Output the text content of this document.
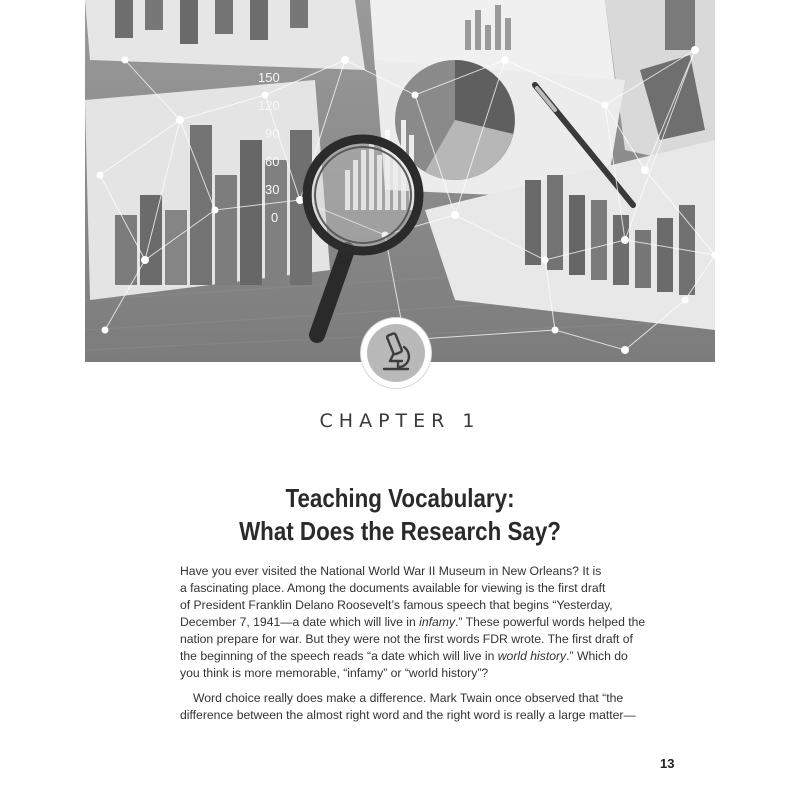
150
120
90
60
30
0
CHAPTER 1
Teaching Vocabulary:
What Does the Research Say?

Have you ever visited the National World War II Museum in New Orleans? It is
a fascinating place. Among the documents available for viewing is the first draft
of President Franklin Delano Roosevelt’s famous speech that begins “Yesterday,
December 7, 1941—a date which will live in infamy.” These powerful words helped the
nation prepare for war. But they were not the first words FDR wrote. The first draft of
the beginning of the speech reads “a date which will live in world history.” Which do
you think is more memorable, “infamy” or “world history”?

Word choice really does make a difference. Mark Twain once observed that “the
difference between the almost right word and the right word is really a large matter—

13
